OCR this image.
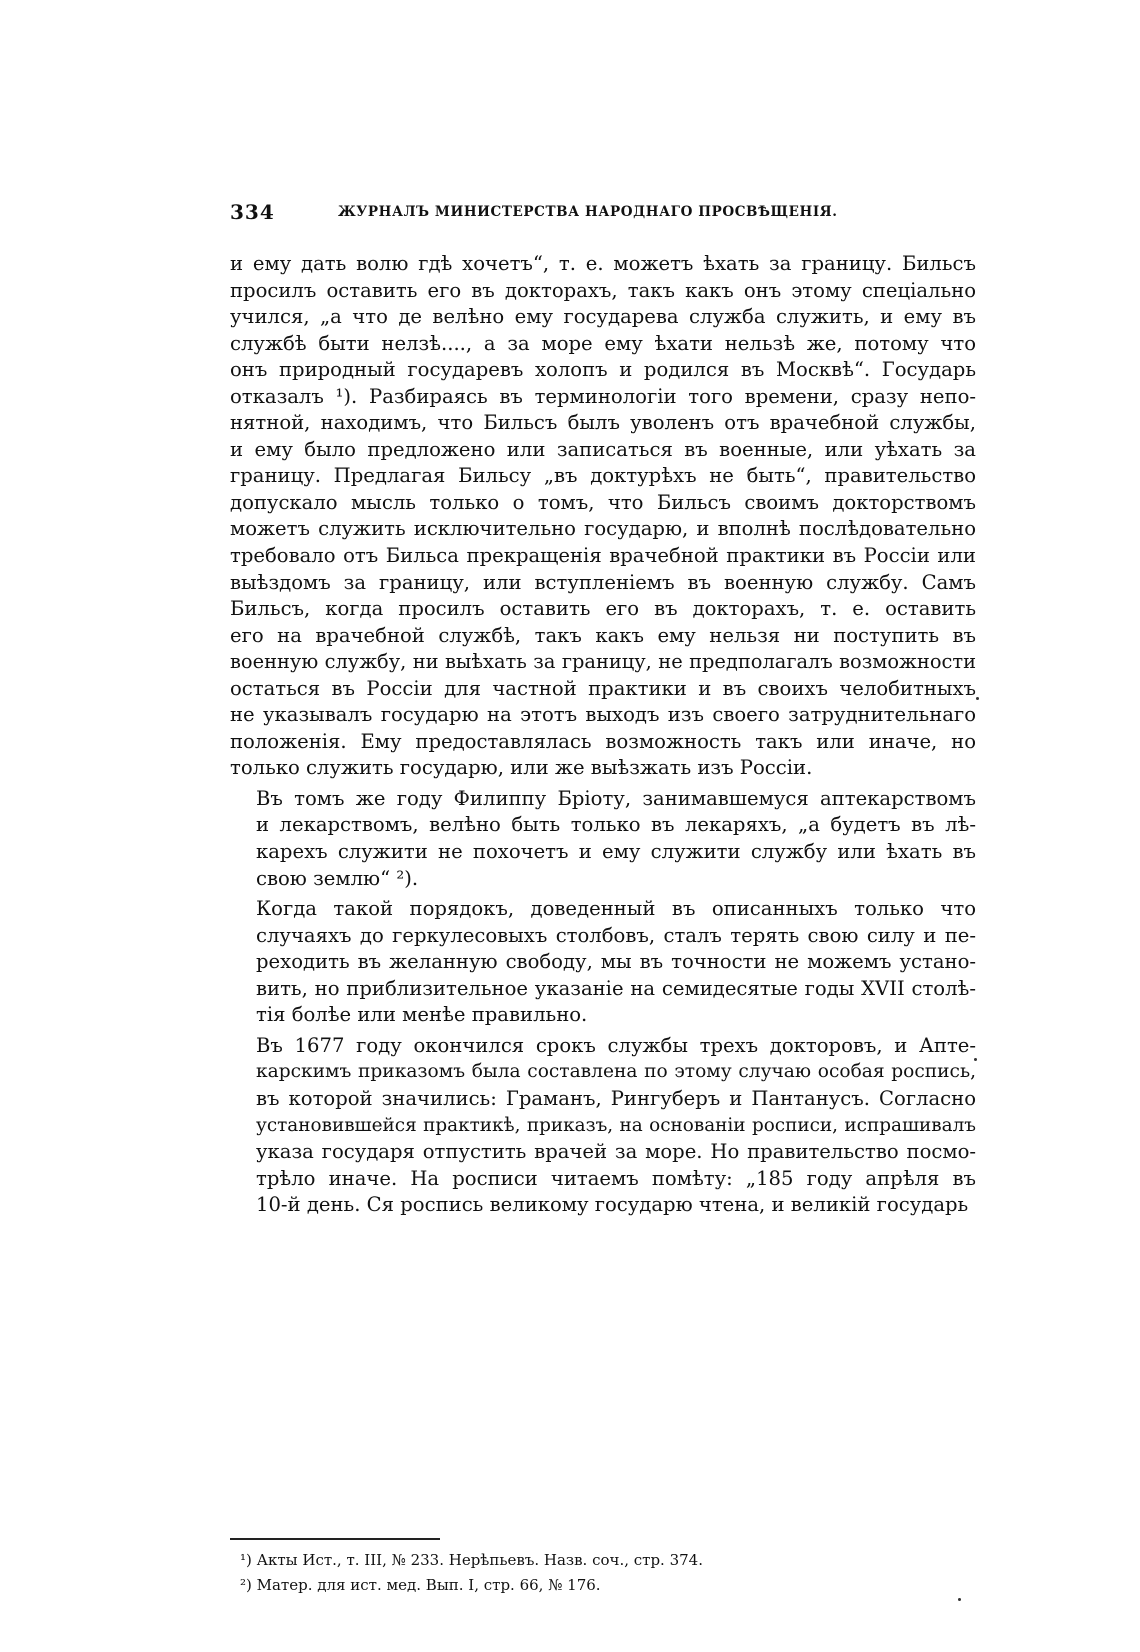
334	ЖУРНАЛЪ МИНИСТЕРСТВА НАРОДНАГО ПРОСВѢЩЕНІЯ.

и ему дать волю гдѣ хочетъ“, т. е. можетъ ѣхать за границу. Бильсъ
просилъ оставить его въ докторахъ, такъ какъ онъ этому спеціально
учился, „а что де велѣно ему государева служба служить, и ему въ
службѣ быти нелзѣ...., а за море ему ѣхати нельзѣ же, потому что
онъ природный государевъ холопъ и родился въ Москвѣ“. Государь
отказалъ ¹). Разбираясь въ терминологіи того времени, сразу непо-
нятной, находимъ, что Бильсъ былъ уволенъ отъ врачебной службы,
и ему было предложено или записаться въ военные, или уѣхать за
границу. Предлагая Бильсу „въ доктурѣхъ не быть“, правительство
допускало мысль только о томъ, что Бильсъ своимъ докторствомъ
можетъ служить исключительно государю, и вполнѣ послѣдовательно
требовало отъ Бильса прекращенія врачебной практики въ Россіи или
выѣздомъ за границу, или вступленіемъ въ военную службу. Самъ
Бильсъ, когда просилъ оставить его въ докторахъ, т. е. оставить
его на врачебной службѣ, такъ какъ ему нельзя ни поступить въ
военную службу, ни выѣхать за границу, не предполагалъ возможности
остаться въ Россіи для частной практики и въ своихъ челобитныхъ
не указывалъ государю на этотъ выходъ изъ своего затруднительнаго
положенія. Ему предоставлялась возможность такъ или иначе, но
только служить государю, или же выѣзжать изъ Россіи.

Въ томъ же году Филиппу Бріоту, занимавшемуся аптекарствомъ
и лекарствомъ, велѣно быть только въ лекаряхъ, „а будетъ въ лѣ-
карехъ служити не похочетъ и ему служити службу или ѣхать въ
свою землю“ ²).

Когда такой порядокъ, доведенный въ описанныхъ только что
случаяхъ до геркулесовыхъ столбовъ, сталъ терять свою силу и пе-
реходить въ желанную свободу, мы въ точности не можемъ устано-
вить, но приблизительное указаніе на семидесятые годы XVII столѣ-
тія болѣе или менѣе правильно.

Въ 1677 году окончился срокъ службы трехъ докторовъ, и Апте-
карскимъ приказомъ была составлена по этому случаю особая роспись,
въ которой значились: Граманъ, Рингуберъ и Пантанусъ. Согласно
установившейся практикѣ, приказъ, на основаніи росписи, испрашивалъ
указа государя отпустить врачей за море. Но правительство посмо-
трѣло иначе. На росписи читаемъ помѣту: „185 году апрѣля въ
10-й день. Ся роспись великому государю чтена, и великій государь

¹) Акты Ист., т. III, № 233. Нерѣпьевъ. Назв. соч., стр. 374.
²) Матер. для ист. мед. Вып. I, стр. 66, № 176.
